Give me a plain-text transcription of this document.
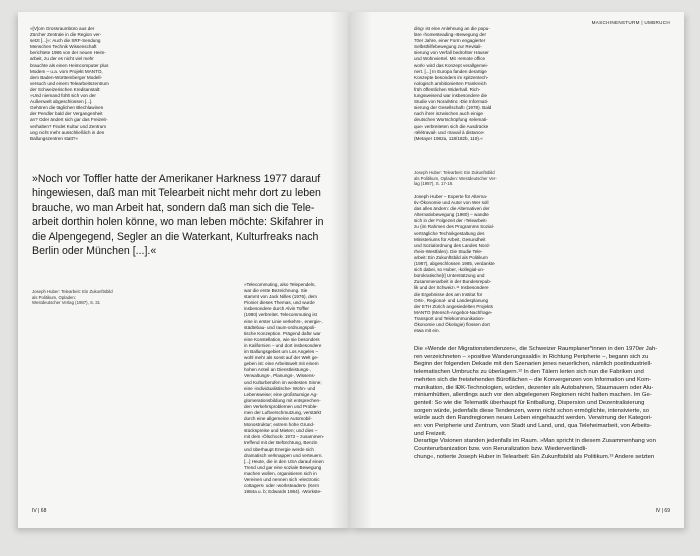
»[V]om Grossraumbüro aus der
Zürcher Zentrale in die Region ver-
setzt [...]«: Auch die SRF-Sendung
Menschen Technik Wissenschaft
berichtete 1986 von der neuen Heim-
arbeit, zu der es nicht viel mehr
brauchte als einen Heimcomputer plus
Modem – u.a. vom Projekt MANTO,
dem Baden-Württemberger Modell-
versuch und einem Telearbeitszentrum
der Schweizerischen Kreditanstalt:
»Und niemand fühlt sich von der
Außenwelt abgeschlossen [...].
Gehören die täglichen Blechlawinen
der Pendler bald der Vergangenheit
an? Oder ändert sich gar das Freizeit-
verhalten? Findet Kultur und Zentrum
ung nicht mehr ausschließlich in den
Ballungszentren statt?«
»Noch vor Toffler hatte der Amerikaner Harkness 1977 darauf
hingewiesen, daß man mit Telearbeit nicht mehr dort zu leben
brauche, wo man Arbeit hat, sondern daß man sich die Tele-
arbeit dorthin holen könne, wo man leben möchte: Skifahrer in
die Alpengegend, Segler an die Waterkant, Kulturfreaks nach
Berlin oder München [...].«
Joseph Huber: Telearbeit: Ein Zukunftsbild
als Politikum, Opladen:
Westdeutscher Verlag (1987), S. 31
»Telecommuting, also Telependeln,
war die erste Bezeichnung. Sie
stammt von Jack Nilles (1976), dem
Pionier dieses Themas, und wurde
insbesondere durch Alvin Toffler
(1980) verbreitet. Telecommuting ist
eine in erster Linie verkehrs-, energie-,
städtebau- und raum-ordnungspoli-
tische Konzeption. Prägend dafür war
eine Konstellation, wie sie besonders
in Kalifornien – und dort insbesondere
im Ballungsgebiet um Los Angeles –
wohl mehr als sonst auf der Welt ge-
geben ist: eine Arbeitswelt mit einem
hohen Anteil an Dienstleistungs-,
Verwaltungs-, Planungs-, Wissens-
und Kulturberufen im weitesten Sinne;
eine ›individualistische‹ Wohn- und
Lebensweise; eine großräumige Ag-
glomerationsbildung mit entsprechen-
den Verkehrsproblemen und Proble-
men der Luftverschmutzung, verstärkt
durch eine allgemeine Automobil-
Monostruktur; extrem hohe Grund-
stückspreise und Mieten; und dies –
mit dem ›Ölschock‹ 1973 – zusammen-
treffend mit der Befürchtung, Benzin
und überhaupt Energie werde sich
dramatisch verknappen und verteuern.
[...] Heute, die in den USA darauf einen
Trend und gar eine soziale Bewegung
machen wollen, organisieren sich in
Vereinen und nennen sich ›electronic
cottagers‹ oder ›worksteaders‹ (Kern
1984a u. b; Edwards 1984). ›Workste-
IV | 68
MASCHINENSTURM | UMBRUCH
ding‹ ist eine Anlehnung an die popu-
läre ›homesteading‹-Bewegung der
70er Jahre, einer Form engagierter
Selbsthilfebewegung zur Revitali-
sierung von Verfall bedrohter Häuser
und Wohnviertel. Mit ›remote office
work‹ wird das Konzept verallgemei-
nert. [...] In Europa fanden derartige
Konzepte besonders im spitzentech-
nologisch ambitionierten Frankreich
früh öffentlichen Widerhall. Rich-
tungsweisend war insbesondere die
Studie von Nora/Minc ›Die Informati-
sierung der Gesellschaft‹ (1978). Bald
nach ihrer inzwischen auch einige
deutschen Wortschöpfung ›telemati-
que‹ verbreiteten sich die Ausdrücke
›télétravail‹ und ›travail à distance‹
(Metayer 1982a, 118/182b, 119).«
Joseph Huber: Telearbeit: Ein Zukunftsbild
als Politikum, Opladen: Westdeutscher Ver-
lag (1987), S. 17-18.
Joseph Huber – Experte für Alterna-
tiv-Ökonomie und Autor von Wer soll
das alles ändern: die Alternativen der
Alternativbewegung (1980) – wandte
sich in der Folgezeit der ›Telearbeit‹
zu (im Rahmen des Programms Sozial-
verträgliche Technikgestaltung des
Ministeriums für Arbeit, Gesundheit
und Sozialordnung des Landes Nord-
rhein-Westfalen). Die Studie Tele-
arbeit: Ein Zukunftsbild als Politikum
(1987), abgeschlossen 1985, verdankte
sich dabei, so Huber, ›kollegial-un-
bürokratische[r] Unterstützung und
Zusammenarbeit in der Bundesrepub-
lik und der Schweiz‹.¹¹ Insbesondere
die Ergebnisse des am Institut für
Orts-, Regional- und Landesplanung
der ETH Zürich angesiedelten Projekts
MANTO (Mensch-Angebot-Nachfrage-
Transport und Telekommunikation-
Ökonomie und Ökologie) flossen dort
etwa mit ein.
Die »Wende der Migrationstendenzen«, die Schweizer Raumplaner*innen in den 1970er Jah-
ren verzeichneten – »positive Wanderungssaldi« in Richtung Peripherie –, begann sich zu
Beginn der folgenden Dekade mit den Szenarien jenes neuerlichen, nämlich postindustriell-
telematischen Umbruchs zu überlagern.¹² In den Tälern lerten sich nun die Fabriken und
mehrten sich die freistehenden Büroflächen – die Konvergenzen von Information und Kom-
munikation, die IÐK-Technologien, würden, dezenter als Autobahnen, Staumauern oder Alu-
miniumhütten, allerdings auch vor den abgelegenen Regionen nicht halten machen. Im Ge-
genteil: So wie die Telematik überhaupt für Entballung, Dispersion und Dezentralisierung
sorgen würde, jedenfalls diese Tendenzen, wenn nicht schon ermöglichte, intensivierte, so
würde auch den Randregionen neues Leben eingehaucht werden. Verwirrung der Kategori-
en: von Peripherie und Zentrum, von Stadt und Land, und, qua Teleheimarbeit, von Arbeits-
und Freizeit.
Derartige Visionen standen jedenfalls im Raum. »Man spricht in diesem Zusammenhang von
Counterurbanization bzw. von Reruralization bzw. Wiederverländli-
chung«, notierte Joseph Huber in Telearbeit: Ein Zukunftsbild als Politikum.¹³ Andere setzten
IV | 69
